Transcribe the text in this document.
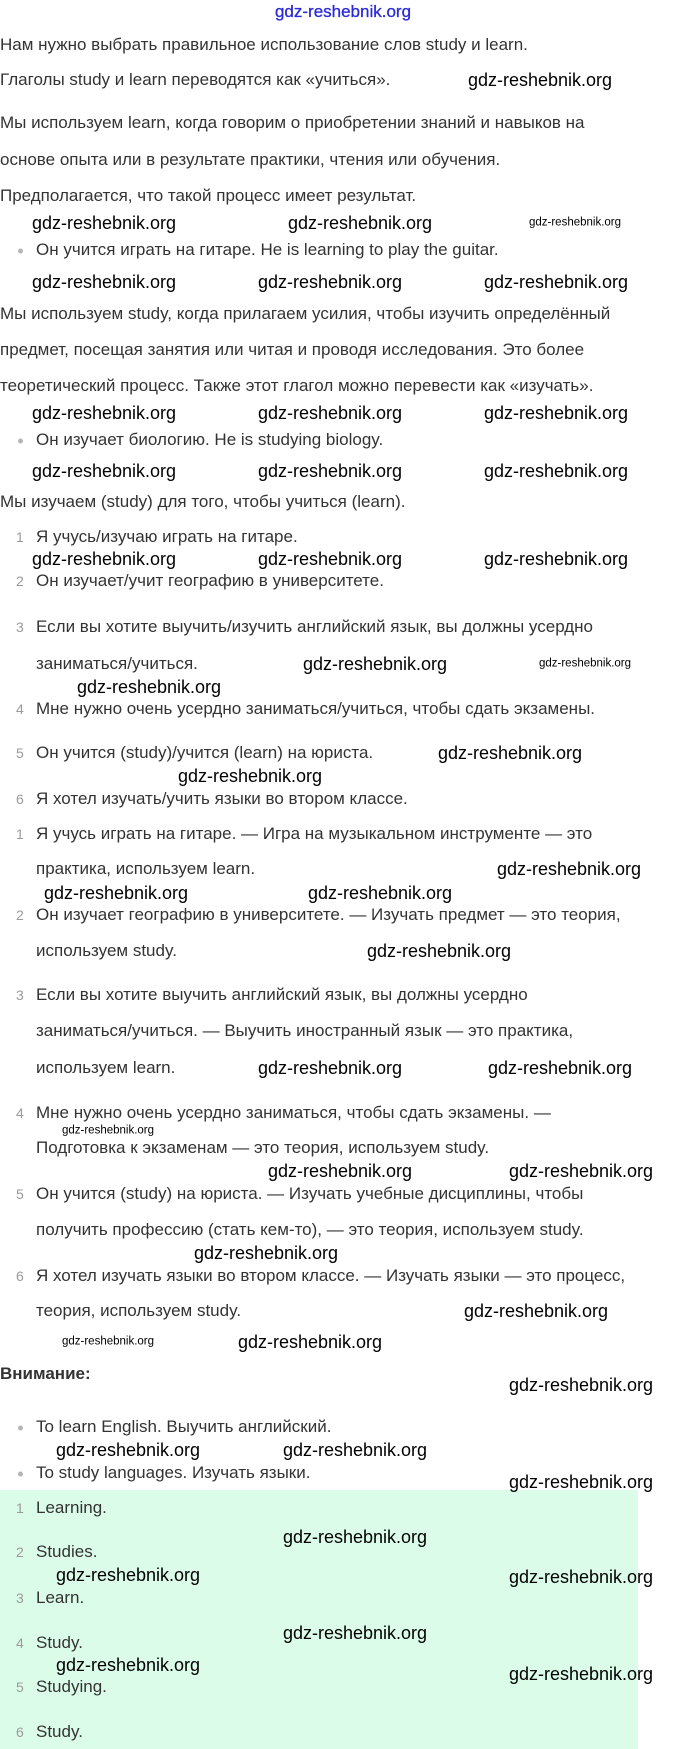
Нам нужно выбрать правильное использование слов study и learn.
Глаголы study и learn переводятся как «учиться».
Мы используем learn, когда говорим о приобретении знаний и навыков на
основе опыта или в результате практики, чтения или обучения.
Предполагается, что такой процесс имеет результат.
Он учится играть на гитаре. He is learning to play the guitar.
Мы используем study, когда прилагаем усилия, чтобы изучить определённый
предмет, посещая занятия или читая и проводя исследования. Это более
теоретический процесс. Также этот глагол можно перевести как «изучать».
Он изучает биологию. He is studying biology.
Мы изучаем (study) для того, чтобы учиться (learn).
1 Я учусь/изучаю играть на гитаре.
2 Он изучает/учит географию в университете.
3 Если вы хотите выучить/изучить английский язык, вы должны усердно
заниматься/учиться.
4 Мне нужно очень усердно заниматься/учиться, чтобы сдать экзамены.
5 Он учится (study)/учится (learn) на юриста.
6 Я хотел изучать/учить языки во втором классе.
1 Я учусь играть на гитаре. — Игра на музыкальном инструменте — это
практика, используем learn.
2 Он изучает географию в университете. — Изучать предмет — это теория,
используем study.
3 Если вы хотите выучить английский язык, вы должны усердно
заниматься/учиться. — Выучить иностранный язык — это практика,
используем learn.
4 Мне нужно очень усердно заниматься, чтобы сдать экзамены. —
Подготовка к экзаменам — это теория, используем study.
5 Он учится (study) на юриста. — Изучать учебные дисциплины, чтобы
получить профессию (стать кем-то), — это теория, используем study.
6 Я хотел изучать языки во втором классе. — Изучать языки — это процесс,
теория, используем study.
Внимание:
To learn English. Выучить английский.
To study languages. Изучать языки.
1 Learning.
2 Studies.
3 Learn.
4 Study.
5 Studying.
6 Study.
gdz-reshebnik.org
gdz-reshebnik.org
gdz-reshebnik.org	gdz-reshebnik.org	gdz-reshebnik.org
gdz-reshebnik.org	gdz-reshebnik.org	gdz-reshebnik.org
gdz-reshebnik.org	gdz-reshebnik.org	gdz-reshebnik.org
gdz-reshebnik.org	gdz-reshebnik.org	gdz-reshebnik.org
gdz-reshebnik.org	gdz-reshebnik.org	gdz-reshebnik.org
gdz-reshebnik.org	gdz-reshebnik.org
gdz-reshebnik.org
gdz-reshebnik.org
gdz-reshebnik.org
gdz-reshebnik.org
gdz-reshebnik.org
gdz-reshebnik.org
gdz-reshebnik.org
gdz-reshebnik.org	gdz-reshebnik.org
gdz-reshebnik.org
gdz-reshebnik.org	gdz-reshebnik.org
gdz-reshebnik.org
gdz-reshebnik.org
gdz-reshebnik.org	gdz-reshebnik.org
gdz-reshebnik.org
gdz-reshebnik.org	gdz-reshebnik.org
gdz-reshebnik.org
gdz-reshebnik.org
gdz-reshebnik.org	gdz-reshebnik.org
gdz-reshebnik.org
gdz-reshebnik.org	gdz-reshebnik.org
